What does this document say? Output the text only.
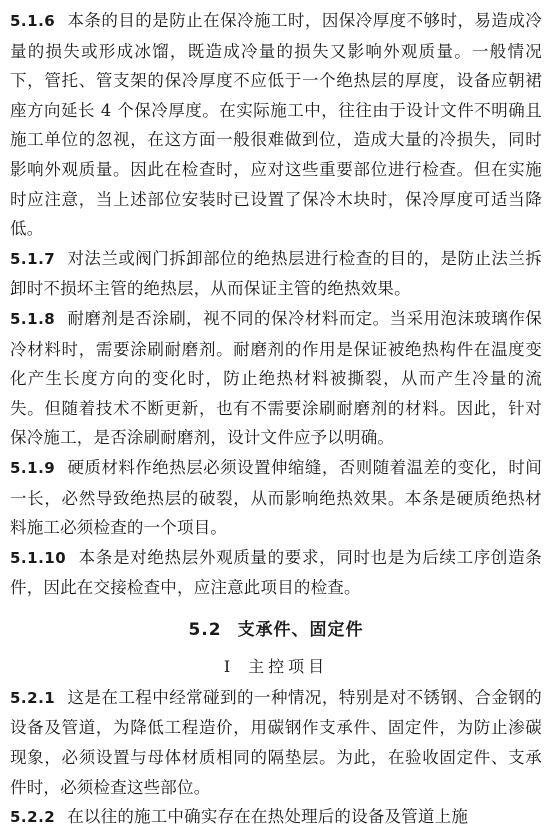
5.1.6 本条的目的是防止在保冷施工时，因保冷厚度不够时，易造成冷量的损失或形成冰馏，既造成冷量的损失又影响外观质量。一般情况下，管托、管支架的保冷厚度不应低于一个绝热层的厚度，设备应朝裙座方向延长 4 个保冷厚度。在实际施工中，往往由于设计文件不明确且施工单位的忽视，在这方面一般很难做到位，造成大量的冷损失，同时影响外观质量。因此在检查时，应对这些重要部位进行检查。但在实施时应注意，当上述部位安装时已设置了保冷木块时，保冷厚度可适当降低。

5.1.7 对法兰或阀门拆卸部位的绝热层进行检查的目的，是防止法兰拆卸时不损坏主管的绝热层，从而保证主管的绝热效果。

5.1.8 耐磨剂是否涂刷，视不同的保冷材料而定。当采用泡沫玻璃作保冷材料时，需要涂刷耐磨剂。耐磨剂的作用是保证被绝热构件在温度变化产生长度方向的变化时，防止绝热材料被撕裂，从而产生冷量的流失。但随着技术不断更新，也有不需要涂刷耐磨剂的材料。因此，针对保冷施工，是否涂刷耐磨剂，设计文件应予以明确。

5.1.9 硬质材料作绝热层必须设置伸缩缝，否则随着温差的变化，时间一长，必然导致绝热层的破裂，从而影响绝热效果。本条是硬质绝热材料施工必须检查的一个项目。

5.1.10 本条是对绝热层外观质量的要求，同时也是为后续工序创造条件，因此在交接检查中，应注意此项目的检查。

5.2 支承件、固定件
Ⅰ 主控项目

5.2.1 这是在工程中经常碰到的一种情况，特别是对不锈钢、合金钢的设备及管道，为降低工程造价，用碳钢作支承件、固定件，为防止渗碳现象，必须设置与母体材质相同的隔垫层。为此，在验收固定件、支承件时，必须检查这些部位。

5.2.2 在以往的施工中确实存在在热处理后的设备及管道上施
